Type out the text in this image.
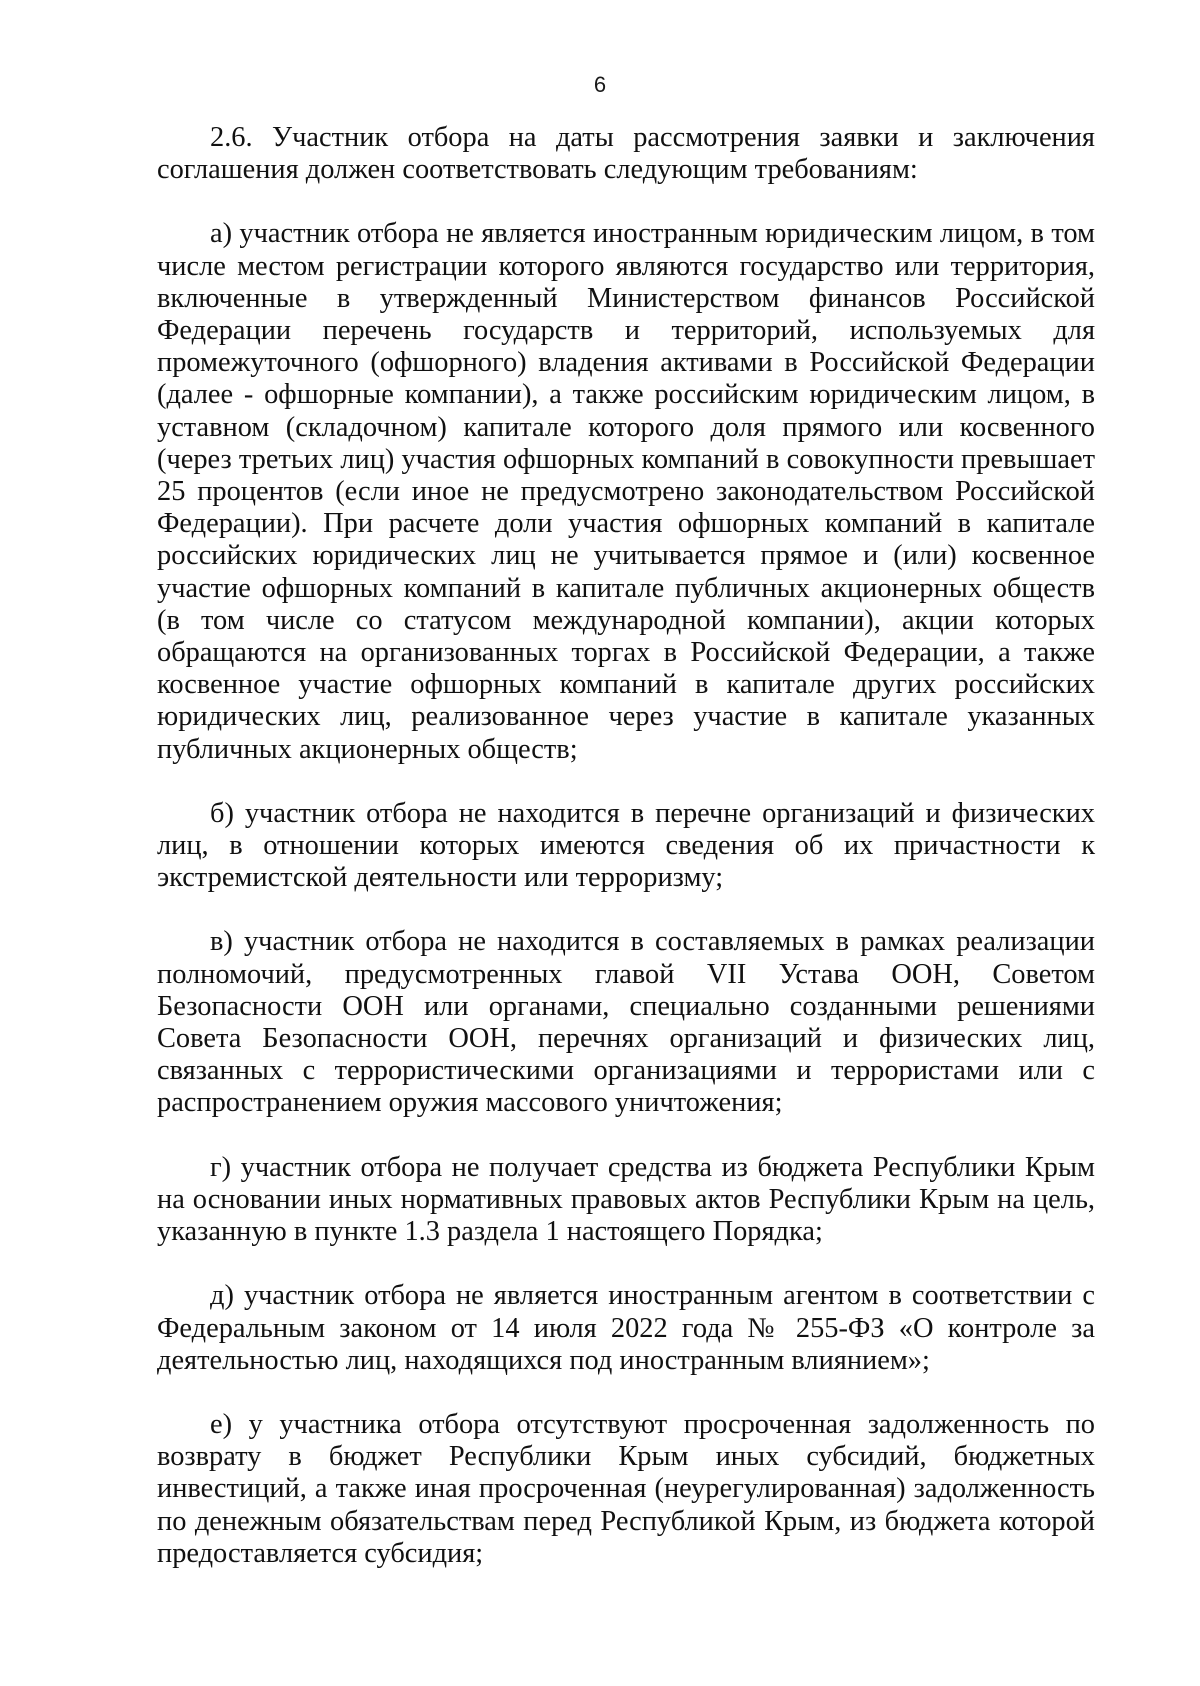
6

2.6. Участник отбора на даты рассмотрения заявки и заключения соглашения должен соответствовать следующим требованиям:

а) участник отбора не является иностранным юридическим лицом, в том числе местом регистрации которого являются государство или территория, включенные в утвержденный Министерством финансов Российской Федерации перечень государств и территорий, используемых для промежуточного (офшорного) владения активами в Российской Федерации (далее - офшорные компании), а также российским юридическим лицом, в уставном (складочном) капитале которого доля прямого или косвенного (через третьих лиц) участия офшорных компаний в совокупности превышает 25 процентов (если иное не предусмотрено законодательством Российской Федерации). При расчете доли участия офшорных компаний в капитале российских юридических лиц не учитывается прямое и (или) косвенное участие офшорных компаний в капитале публичных акционерных обществ (в том числе со статусом международной компании), акции которых обращаются на организованных торгах в Российской Федерации, а также косвенное участие офшорных компаний в капитале других российских юридических лиц, реализованное через участие в капитале указанных публичных акционерных обществ;

б) участник отбора не находится в перечне организаций и физических лиц, в отношении которых имеются сведения об их причастности к экстремистской деятельности или терроризму;

в) участник отбора не находится в составляемых в рамках реализации полномочий, предусмотренных главой VII Устава ООН, Советом Безопасности ООН или органами, специально созданными решениями Совета Безопасности ООН, перечнях организаций и физических лиц, связанных с террористическими организациями и террористами или с распространением оружия массового уничтожения;

г) участник отбора не получает средства из бюджета Республики Крым на основании иных нормативных правовых актов Республики Крым на цель, указанную в пункте 1.3 раздела 1 настоящего Порядка;

д) участник отбора не является иностранным агентом в соответствии с Федеральным законом от 14 июля 2022 года № 255-ФЗ «О контроле за деятельностью лиц, находящихся под иностранным влиянием»;

е) у участника отбора отсутствуют просроченная задолженность по возврату в бюджет Республики Крым иных субсидий, бюджетных инвестиций, а также иная просроченная (неурегулированная) задолженность по денежным обязательствам перед Республикой Крым, из бюджета которой предоставляется субсидия;
